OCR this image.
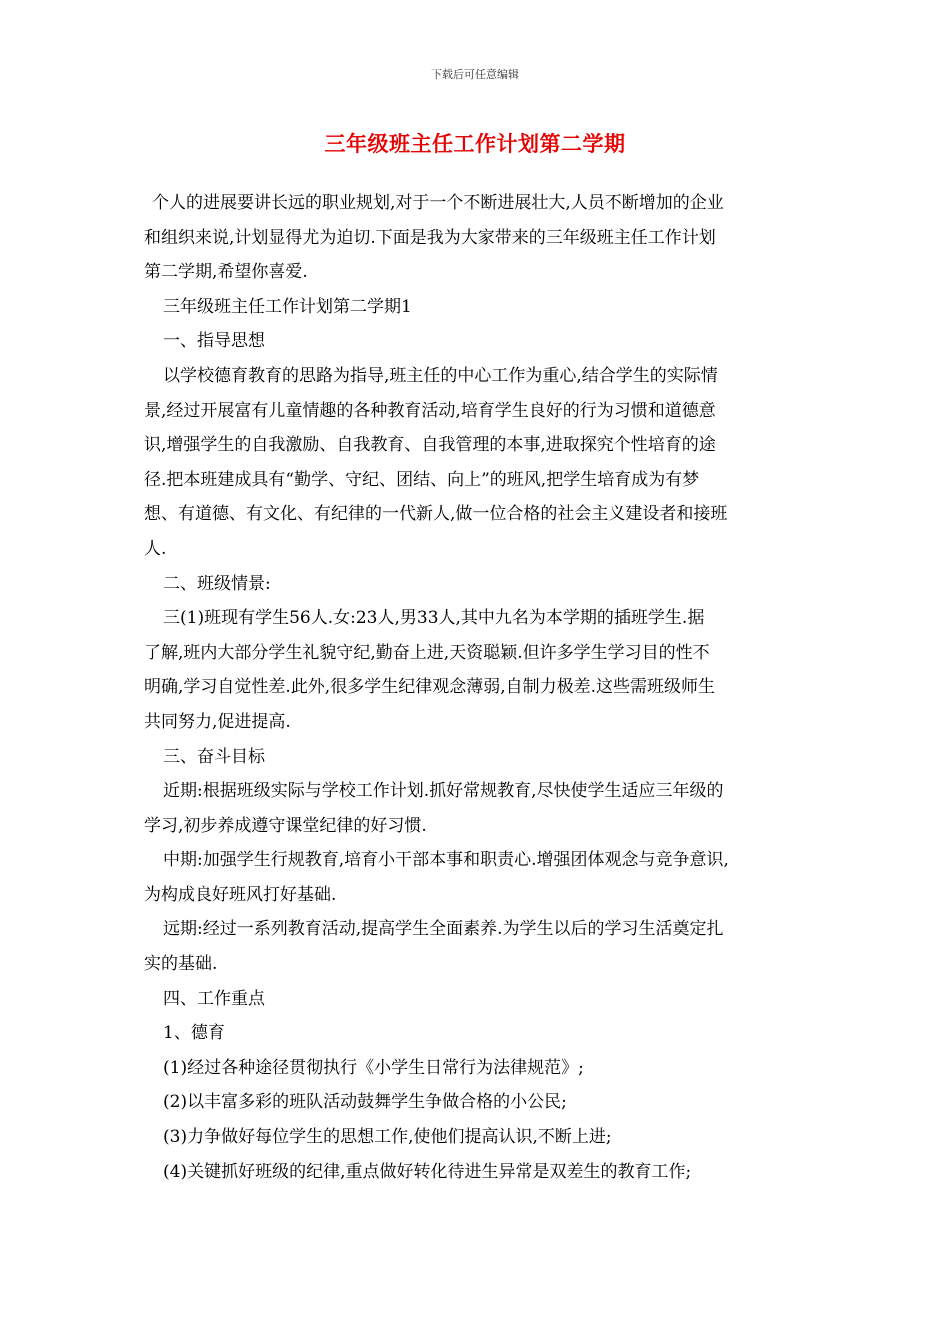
下载后可任意编辑
三年级班主任工作计划第二学期
个人的进展要讲长远的职业规划,对于一个不断进展壮大,人员不断增加的企业
和组织来说,计划显得尤为迫切.下面是我为大家带来的三年级班主任工作计划
第二学期,希望你喜爱.
三年级班主任工作计划第二学期1
一、指导思想
以学校德育教育的思路为指导,班主任的中心工作为重心,结合学生的实际情
景,经过开展富有儿童情趣的各种教育活动,培育学生良好的行为习惯和道德意
识,增强学生的自我激励、自我教育、自我管理的本事,进取探究个性培育的途
径.把本班建成具有“勤学、守纪、团结、向上”的班风,把学生培育成为有梦
想、有道德、有文化、有纪律的一代新人,做一位合格的社会主义建设者和接班
人.
二、班级情景:
三(1)班现有学生56人.女:23人,男33人,其中九名为本学期的插班学生.据
了解,班内大部分学生礼貌守纪,勤奋上进,天资聪颖.但许多学生学习目的性不
明确,学习自觉性差.此外,很多学生纪律观念薄弱,自制力极差.这些需班级师生
共同努力,促进提高.
三、奋斗目标
近期:根据班级实际与学校工作计划.抓好常规教育,尽快使学生适应三年级的
学习,初步养成遵守课堂纪律的好习惯.
中期:加强学生行规教育,培育小干部本事和职责心.增强团体观念与竞争意识,
为构成良好班风打好基础.
远期:经过一系列教育活动,提高学生全面素养.为学生以后的学习生活奠定扎
实的基础.
四、工作重点
1、德育
(1)经过各种途径贯彻执行《小学生日常行为法律规范》;
(2)以丰富多彩的班队活动鼓舞学生争做合格的小公民;
(3)力争做好每位学生的思想工作,使他们提高认识,不断上进;
(4)关键抓好班级的纪律,重点做好转化待进生异常是双差生的教育工作;
